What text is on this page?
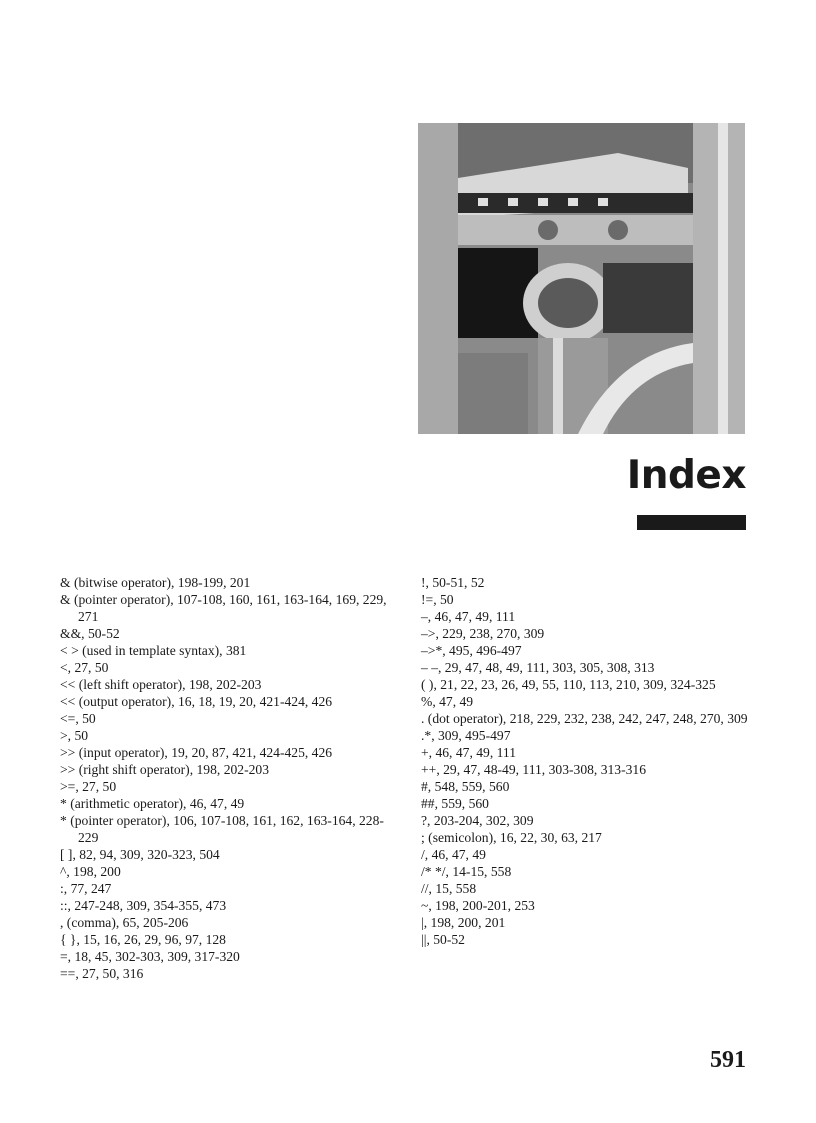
Index
& (bitwise operator), 198-199, 201
& (pointer operator), 107-108, 160, 161, 163-164, 169, 229, 271
&&, 50-52
< > (used in template syntax), 381
<, 27, 50
<< (left shift operator), 198, 202-203
<< (output operator), 16, 18, 19, 20, 421-424, 426
<=, 50
>, 50
>> (input operator), 19, 20, 87, 421, 424-425, 426
>> (right shift operator), 198, 202-203
>=, 27, 50
* (arithmetic operator), 46, 47, 49
* (pointer operator), 106, 107-108, 161, 162, 163-164, 228-229
[ ], 82, 94, 309, 320-323, 504
^, 198, 200
:, 77, 247
::, 247-248, 309, 354-355, 473
, (comma), 65, 205-206
{ }, 15, 16, 26, 29, 96, 97, 128
=, 18, 45, 302-303, 309, 317-320
==, 27, 50, 316
!, 50-51, 52
!=, 50
–, 46, 47, 49, 111
–>, 229, 238, 270, 309
–>*, 495, 496-497
– –, 29, 47, 48, 49, 111, 303, 305, 308, 313
( ), 21, 22, 23, 26, 49, 55, 110, 113, 210, 309, 324-325
%, 47, 49
. (dot operator), 218, 229, 232, 238, 242, 247, 248, 270, 309
.*, 309, 495-497
+, 46, 47, 49, 111
++, 29, 47, 48-49, 111, 303-308, 313-316
#, 548, 559, 560
##, 559, 560
?, 203-204, 302, 309
; (semicolon), 16, 22, 30, 63, 217
/, 46, 47, 49
/* */, 14-15, 558
//, 15, 558
~, 198, 200-201, 253
|, 198, 200, 201
||, 50-52
591
